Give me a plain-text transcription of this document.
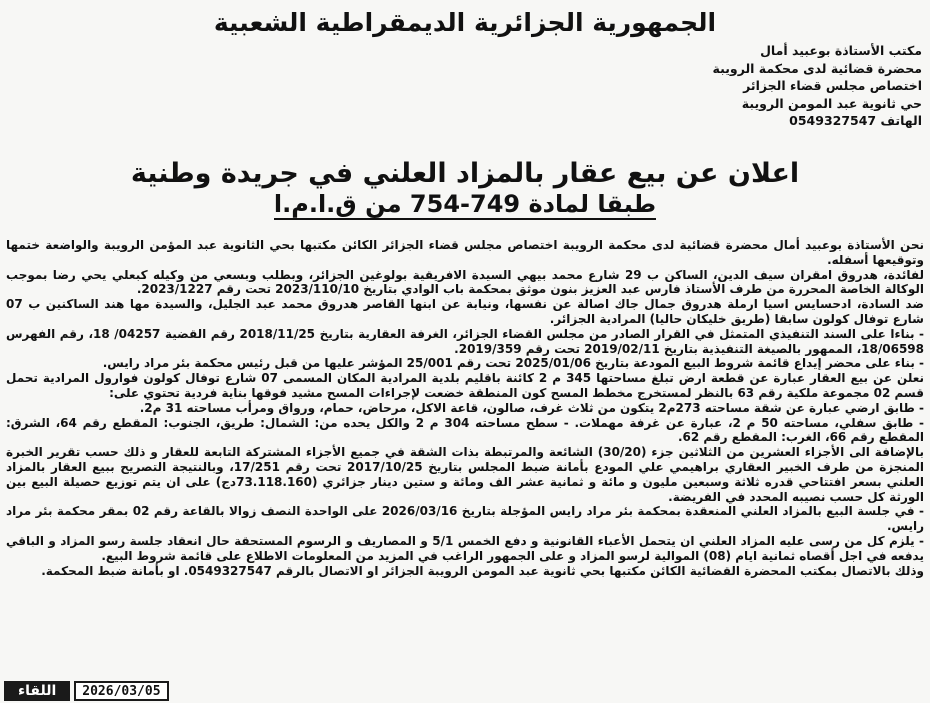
الجمهورية الجزائرية الديمقراطية الشعبية
مكتب الأستاذة بوعبيد أمال
محضرة قضائية لدى محكمة الرويبة
اختصاص مجلس قضاء الجزائر
حي ثانوية عبد المومن الرويبة
الهاتف 0549327547
اعلان عن بيع عقار بالمزاد العلني في جريدة وطنية
طبقا لمادة 749-754 من ق.ا.م.ا

نحن الأستاذة بوعبيد أمال محضرة قضائية لدى محكمة الرويبة اختصاص مجلس قضاء الجزائر الكائن مكتبها بحي الثانوية عبد المؤمن الرويبة والواضعة ختمها وتوقيعها أسفله.

لفائدة، هدروق امقران سيف الدين، الساكن ب 29 شارع محمد بيهي السيدة الافريقية بولوغين الجزائر، وبطلب وبسعي من وكيله كبعلي يحي رضا بموجب الوكالة الخاصة المحررة من طرف الأستاذ فارس عبد العزيز بنون موثق بمحكمة باب الوادي بتاريخ 2023/110/10 تحت رقم 2023/1227.

ضد السادة، ادحسايس اسيا ارملة هدروق جمال جاك اصالة عن نفسها، ونيابة عن ابنها القاصر هدروق محمد عبد الجليل، والسيدة مها هند الساكنين ب 07 شارع توفال كولون سابقا (طريق خليكان حاليا) المرادية الجزائر.

- بناءا على السند التنفيذي المتمثل في القرار الصادر من مجلس القضاء الجزائر، الغرفة العقارية بتاريخ 2018/11/25 رقم القضية 04257/ 18، رقم الفهرس 18/06598، الممهور بالصيغة التنفيذية بتاريخ 2019/02/11 تحت رقم 2019/359.

- بناء على محضر إيداع قائمة شروط البيع المودعة بتاريخ 2025/01/06 تحت رقم 25/001 المؤشر عليها من قبل رئيس محكمة بئر مراد رايس.

نعلن عن بيع العقار عبارة عن قطعة ارض تبلغ مساحتها 345 م 2 كائنة باقليم بلدية المرادية المكان المسمى 07 شارع توفال كولون فوارول المرادية تحمل قسم 02 مجموعة ملكية رقم 63 بالنظر لمستخرج مخطط المسح كون المنطقة خضعت لإجراءات المسح مشيد فوقها بناية فردية تحتوي على:

- طابق ارضي عبارة عن شقة مساحته 273م2 يتكون من ثلاث غرف، صالون، قاعة الاكل، مرحاض، حمام، ورواق ومرأب مساحته 31 م2.

- طابق سفلي، مساحته 50 م 2، عبارة عن غرفة مهملات. - سطح مساحته 304 م 2 والكل يحده من: الشمال: طريق، الجنوب: المقطع رقم 64، الشرق: المقطع رقم 66، الغرب: المقطع رقم 62.

بالإضافة الى الأجزاء العشرين من الثلاثين جزء (30/20) الشائعة والمرتبطة بذات الشقة في جميع الأجزاء المشتركة التابعة للعقار و ذلك حسب تقرير الخبرة المنجزة من طرف الخبير العقاري براهيمي علي المودع بأمانة ضبط المجلس بتاريخ 2017/10/25 تحت رقم 17/251، وبالنتيجة التصريح ببيع العقار بالمزاد العلني بسعر افتتاحي قدره ثلاثة وسبعين مليون و مائة و ثمانية عشر الف ومائة و ستين دينار جزائري (73.118.160دج) على ان يتم توزيع حصيلة البيع بين الورثة كل حسب نصيبه المحدد في الفريضة.

- في جلسة البيع بالمزاد العلني المنعقدة بمحكمة بئر مراد رايس المؤجلة بتاريخ 2026/03/16 على الواحدة النصف زوالا بالقاعة رقم 02 بمقر محكمة بئر مراد رايس.

- يلزم كل من رسى عليه المزاد العلني ان يتحمل الأعباء القانونية و دفع الخمس 5/1 و المصاريف و الرسوم المستحقة حال انعقاد جلسة رسو المزاد و الباقي يدفعه في اجل أقصاه ثمانية ايام (08) الموالية لرسو المزاد و على الجمهور الراغب في المزيد من المعلومات الاطلاع على قائمة شروط البيع.

وذلك بالاتصال بمكتب المحضرة القضائية الكائن مكتبها بحي ثانوية عبد المومن الرويبة الجزائر او الاتصال بالرقم 0549327547. او بأمانة ضبط المحكمة.

اللقاء	2026/03/05
